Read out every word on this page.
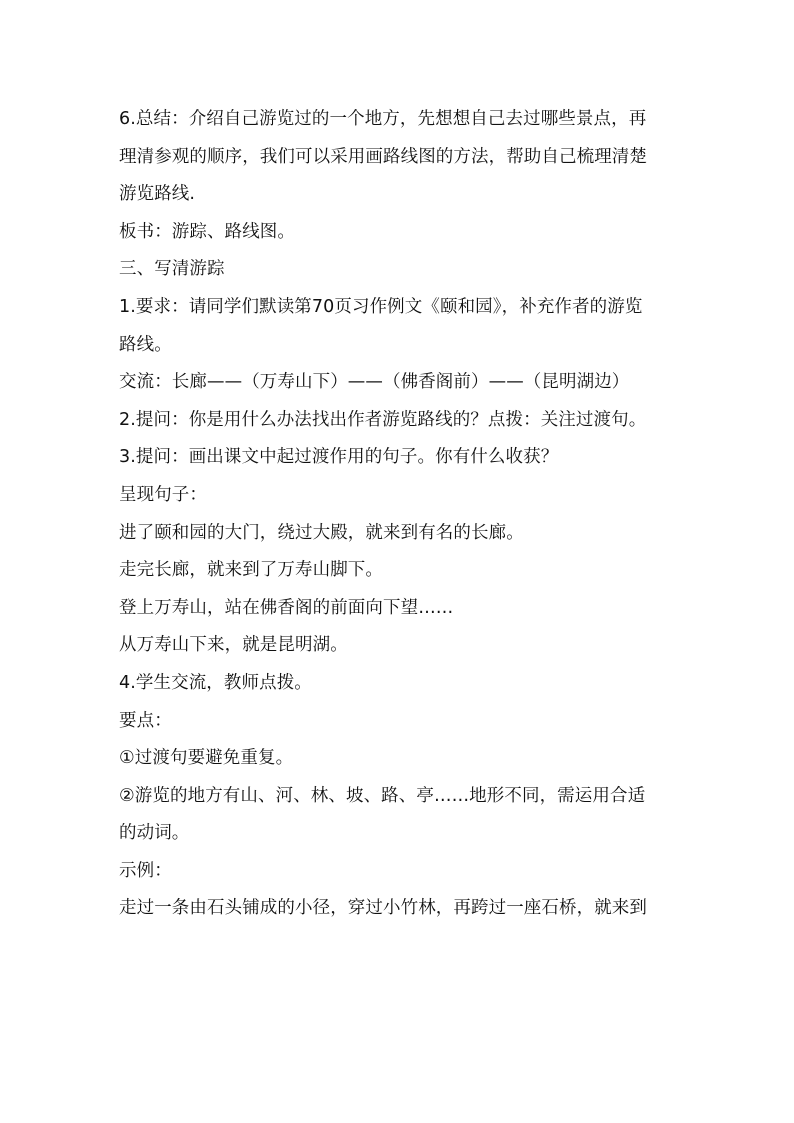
6.总结：介绍自己游览过的一个地方，先想想自己去过哪些景点，再
理清参观的顺序，我们可以采用画路线图的方法，帮助自己梳理清楚
游览路线.
板书：游踪、路线图。
三、写清游踪
1.要求：请同学们默读第70页习作例文《颐和园》，补充作者的游览
路线。
交流：长廊——（万寿山下）——（佛香阁前）——（昆明湖边）
2.提问：你是用什么办法找出作者游览路线的？点拨：关注过渡句。
3.提问：画出课文中起过渡作用的句子。你有什么收获？
呈现句子：
进了颐和园的大门，绕过大殿，就来到有名的长廊。
走完长廊，就来到了万寿山脚下。
登上万寿山，站在佛香阁的前面向下望……
从万寿山下来，就是昆明湖。
4.学生交流，教师点拨。
要点：
①过渡句要避免重复。
②游览的地方有山、河、林、坡、路、亭……地形不同，需运用合适
的动词。
示例：
走过一条由石头铺成的小径，穿过小竹林，再跨过一座石桥，就来到
